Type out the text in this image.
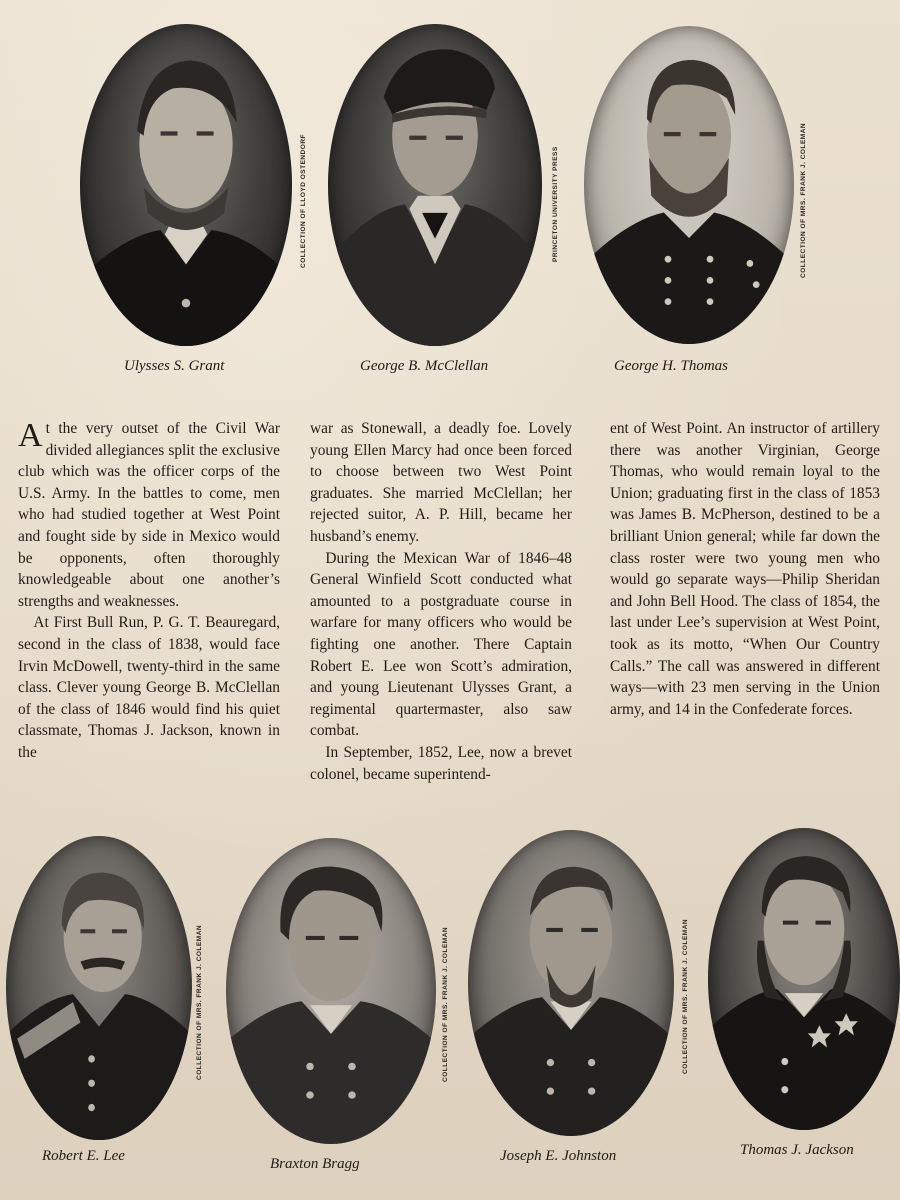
COLLECTION OF LLOYD OSTENDORF
Ulysses S. Grant
PRINCETON UNIVERSITY PRESS
George B. McClellan
COLLECTION OF MRS. FRANK J. COLEMAN
George H. Thomas

At the very outset of the Civil War divided allegiances split the exclusive club which was the officer corps of the U.S. Army. In the battles to come, men who had studied together at West Point and fought side by side in Mexico would be opponents, often thoroughly knowledgeable about one another’s strengths and weaknesses.

At First Bull Run, P. G. T. Beauregard, second in the class of 1838, would face Irvin McDowell, twenty-third in the same class. Clever young George B. McClellan of the class of 1846 would find his quiet classmate, Thomas J. Jackson, known in the

war as Stonewall, a deadly foe. Lovely young Ellen Marcy had once been forced to choose between two West Point graduates. She married McClellan; her rejected suitor, A. P. Hill, became her husband’s enemy.

During the Mexican War of 1846–48 General Winfield Scott conducted what amounted to a postgraduate course in warfare for many officers who would be fighting one another. There Captain Robert E. Lee won Scott’s admiration, and young Lieutenant Ulysses Grant, a regimental quartermaster, also saw combat.

In September, 1852, Lee, now a brevet colonel, became superintend-

ent of West Point. An instructor of artillery there was another Virginian, George Thomas, who would remain loyal to the Union; graduating first in the class of 1853 was James B. McPherson, destined to be a brilliant Union general; while far down the class roster were two young men who would go separate ways—Philip Sheridan and John Bell Hood. The class of 1854, the last under Lee’s supervision at West Point, took as its motto, “When Our Country Calls.” The call was answered in different ways—with 23 men serving in the Union army, and 14 in the Confederate forces.

COLLECTION OF MRS. FRANK J. COLEMAN
Robert E. Lee
COLLECTION OF MRS. FRANK J. COLEMAN
Braxton Bragg
COLLECTION OF MRS. FRANK J. COLEMAN
Joseph E. Johnston	Thomas J. Jackson
